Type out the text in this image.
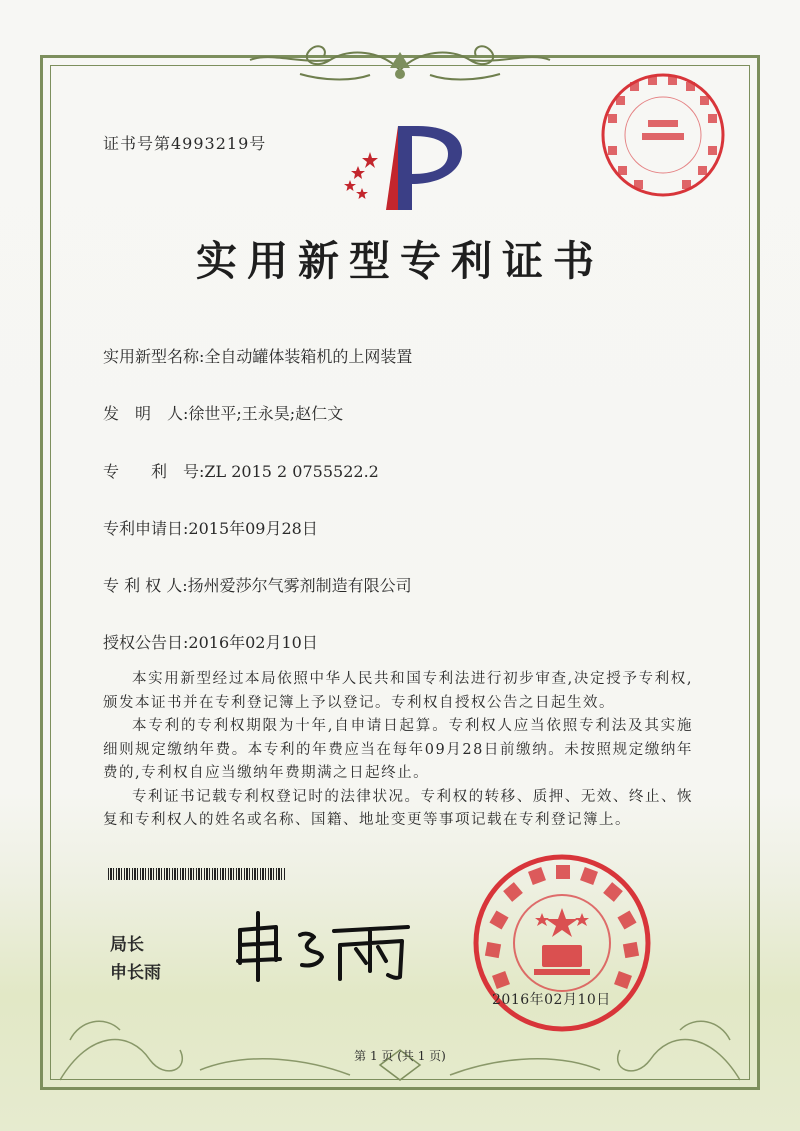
证书号第4993219号
实用新型专利证书
实用新型名称:全自动罐体装箱机的上网装置
发　明　人:徐世平;王永昊;赵仁文
专　　利　号:ZL 2015 2 0755522.2
专利申请日:2015年09月28日
专 利 权 人:扬州爱莎尔气雾剂制造有限公司
授权公告日:2016年02月10日

本实用新型经过本局依照中华人民共和国专利法进行初步审查,决定授予专利权,颁发本证书并在专利登记簿上予以登记。专利权自授权公告之日起生效。

本专利的专利权期限为十年,自申请日起算。专利权人应当依照专利法及其实施细则规定缴纳年费。本专利的年费应当在每年09月28日前缴纳。未按照规定缴纳年费的,专利权自应当缴纳年费期满之日起终止。

专利证书记载专利权登记时的法律状况。专利权的转移、质押、无效、终止、恢复和专利权人的姓名或名称、国籍、地址变更等事项记载在专利登记簿上。

局长
申长雨
2016年02月10日
第 1 页 (共 1 页)
